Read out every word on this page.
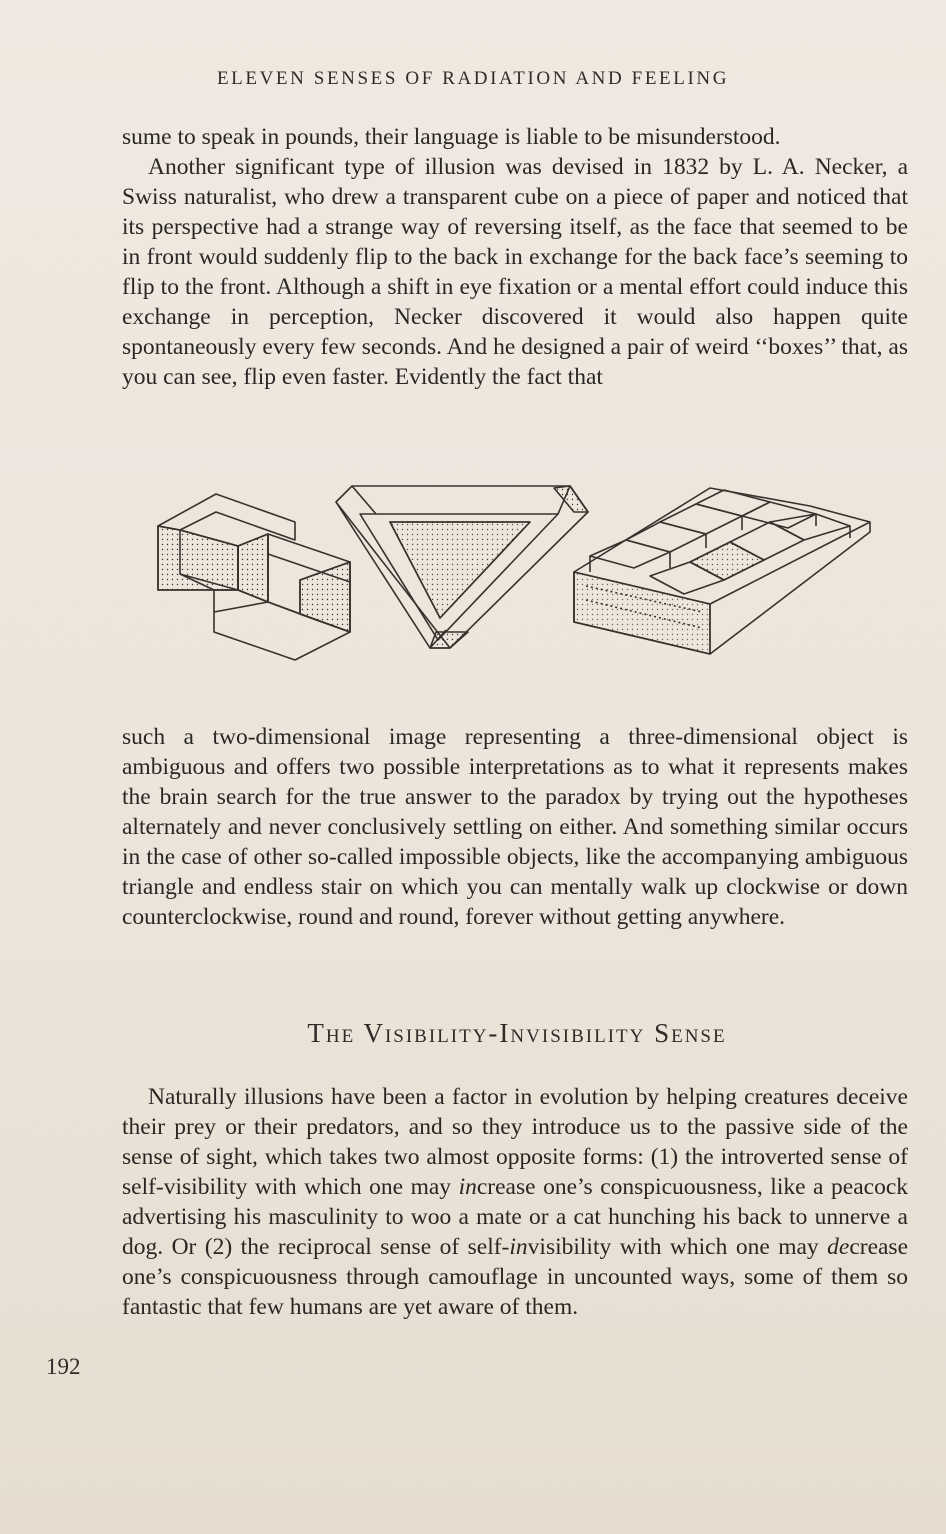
ELEVEN SENSES OF RADIATION AND FEELING

sume to speak in pounds, their language is liable to be misunderstood.
Another significant type of illusion was devised in 1832 by L. A. Necker, a Swiss naturalist, who drew a transparent cube on a piece of paper and noticed that its perspective had a strange way of reversing itself, as the face that seemed to be in front would suddenly flip to the back in exchange for the back face’s seeming to flip to the front. Although a shift in eye fixation or a mental effort could induce this exchange in perception, Necker discovered it would also happen quite spontaneously every few seconds. And he designed a pair of weird ‘‘boxes’’ that, as you can see, flip even faster. Evidently the fact that

such a two-dimensional image representing a three-dimensional object is ambiguous and offers two possible interpretations as to what it represents makes the brain search for the true answer to the paradox by trying out the hypotheses alternately and never conclusively settling on either. And something similar occurs in the case of other so-called impossible objects, like the accompanying ambiguous triangle and endless stair on which you can mentally walk up clockwise or down counterclockwise, round and round, forever without getting anywhere.

The Visibility-Invisibility Sense

Naturally illusions have been a factor in evolution by helping creatures deceive their prey or their predators, and so they introduce us to the passive side of the sense of sight, which takes two almost opposite forms: (1) the introverted sense of self-visibility with which one may increase one’s conspicuousness, like a peacock advertising his masculinity to woo a mate or a cat hunching his back to unnerve a dog. Or (2) the reciprocal sense of self-invisibility with which one may decrease one’s conspicuousness through camouflage in uncounted ways, some of them so fantastic that few humans are yet aware of them.

192
